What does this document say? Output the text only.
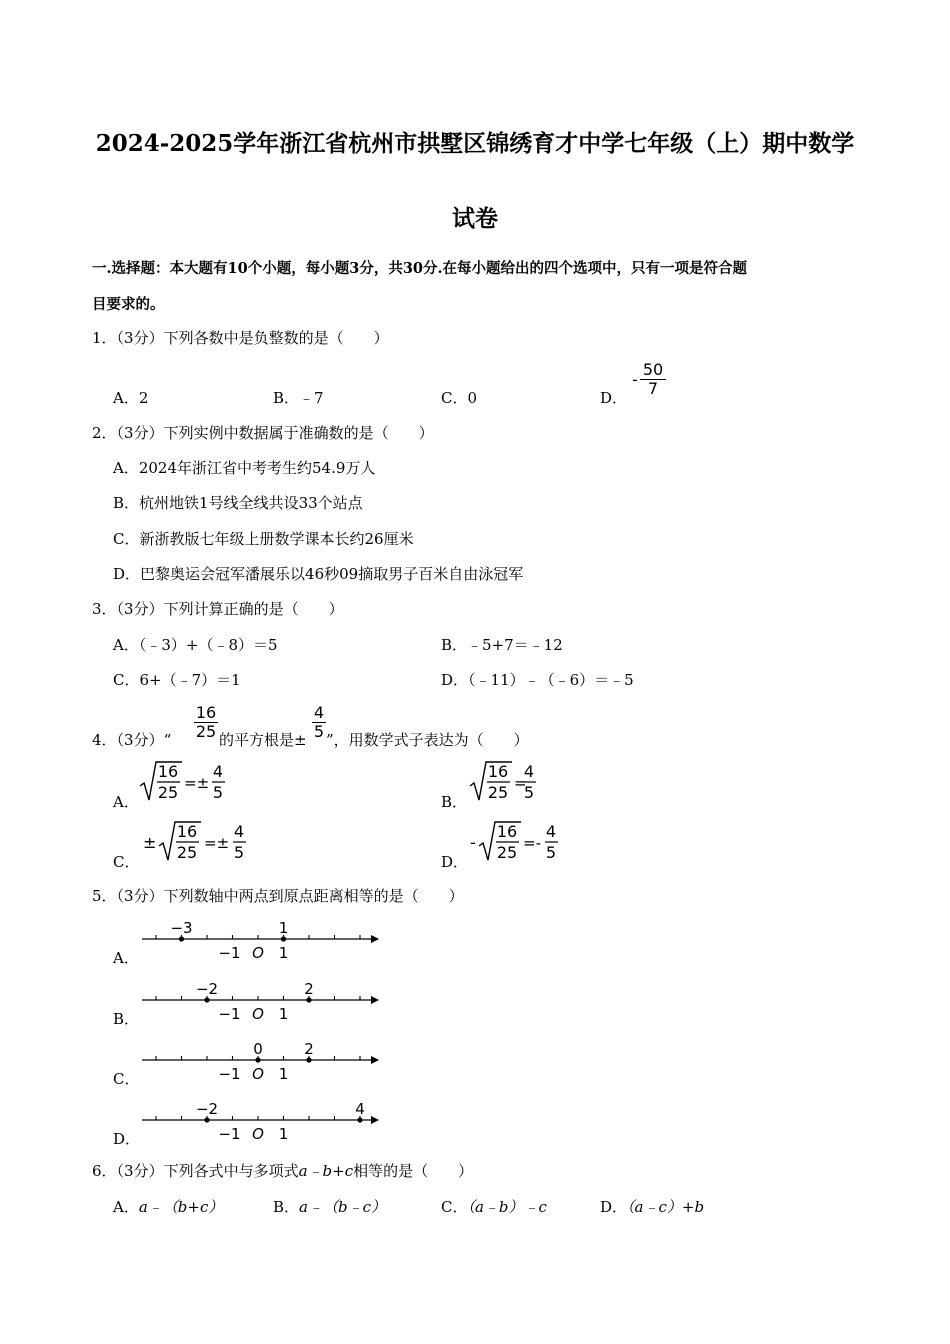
2024-2025学年浙江省杭州市拱墅区锦绣育才中学七年级（上）期中数学
试卷
一.选择题：本大题有10个小题，每小题3分，共30分.在每小题给出的四个选项中，只有一项是符合题
目要求的。
1．（3分）下列各数中是负整数的是（　　）
A．2	B．﹣7	C．0	D．
-
50
7
2．（3分）下列实例中数据属于准确数的是（　　）
A．2024年浙江省中考考生约54.9万人
B．杭州地铁1号线全线共设33个站点
C．新浙教版七年级上册数学课本长约26厘米
D．巴黎奥运会冠军潘展乐以46秒09摘取男子百米自由泳冠军
3．（3分）下列计算正确的是（　　）
A．（﹣3）+（﹣8）＝5	B．﹣5+7＝﹣12
C．6+（﹣7）＝1	D．（﹣11）﹣（﹣6）＝﹣5
4．（3分）“
16
25 的平方根是±
4
5 ”，用数学式子表达为（　　）
A．	B．
C．	D．
16
25 =±
4
5
16
25 =
4
5
±
16
25 =±
4
5
-
16
25 =-
4
5
5．（3分）下列数轴中两点到原点距离相等的是（　　）
A．
B．
C．
D．
−1 O 1
−3	1
−1 O 1
−2	2
−1 O 1
0	2
−1 O 1
−2	4
6．（3分）下列各式中与多项式a﹣b+c相等的是（　　）
A．a﹣（b+c）	B．a﹣（b﹣c）	C．（a﹣b）﹣c	D．（a﹣c）+b
